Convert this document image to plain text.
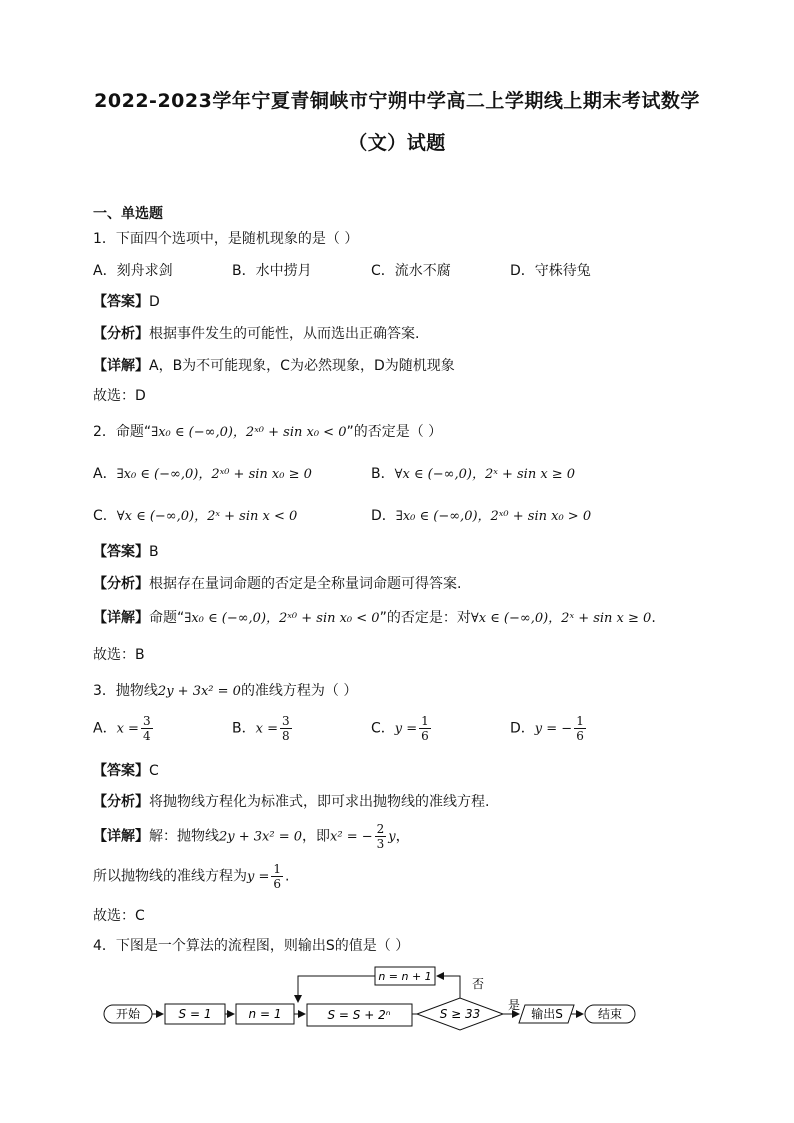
2022-2023学年宁夏青铜峡市宁朔中学高二上学期线上期末考试数学
（文）试题
一、单选题
1．下面四个选项中，是随机现象的是（ ）
A．刻舟求剑	B．水中捞月	C．流水不腐	D．守株待兔
【答案】D
【分析】根据事件发生的可能性，从而选出正确答案.
【详解】A，B为不可能现象，C为必然现象，D为随机现象
故选：D
2．命题“∃x₀ ∈ (−∞,0)，2ˣ⁰ + sin x₀ < 0”的否定是（ ）
A．∃x₀ ∈ (−∞,0)，2ˣ⁰ + sin x₀ ≥ 0	B．∀x ∈ (−∞,0)，2ˣ + sin x ≥ 0
C．∀x ∈ (−∞,0)，2ˣ + sin x < 0	D．∃x₀ ∈ (−∞,0)，2ˣ⁰ + sin x₀ > 0
【答案】B
【分析】根据存在量词命题的否定是全称量词命题可得答案.
【详解】命题“∃x₀ ∈ (−∞,0)，2ˣ⁰ + sin x₀ < 0”的否定是：对∀x ∈ (−∞,0)，2ˣ + sin x ≥ 0.
故选：B
3．抛物线2y + 3x² = 0的准线方程为（ ）
A．$x = \frac{3}{4}$	B．$x = \frac{3}{8}$	C．$y = \frac{1}{6}$	D．y = − $\frac{1}{6}$
【答案】C
【分析】将抛物线方程化为标准式，即可求出抛物线的准线方程.
【详解】解：抛物线2y + 3x² = 0，即x² = − $\frac{2}{3}$ y，
所以抛物线的准线方程为$y = \frac{1}{6}$ .
故选：C
4．下图是一个算法的流程图，则输出S的值是（ ）
开始	S = 1	n = 1	S = S + 2ⁿ	S ≥ 33
n = n + 1
否
是
输出S	结束
